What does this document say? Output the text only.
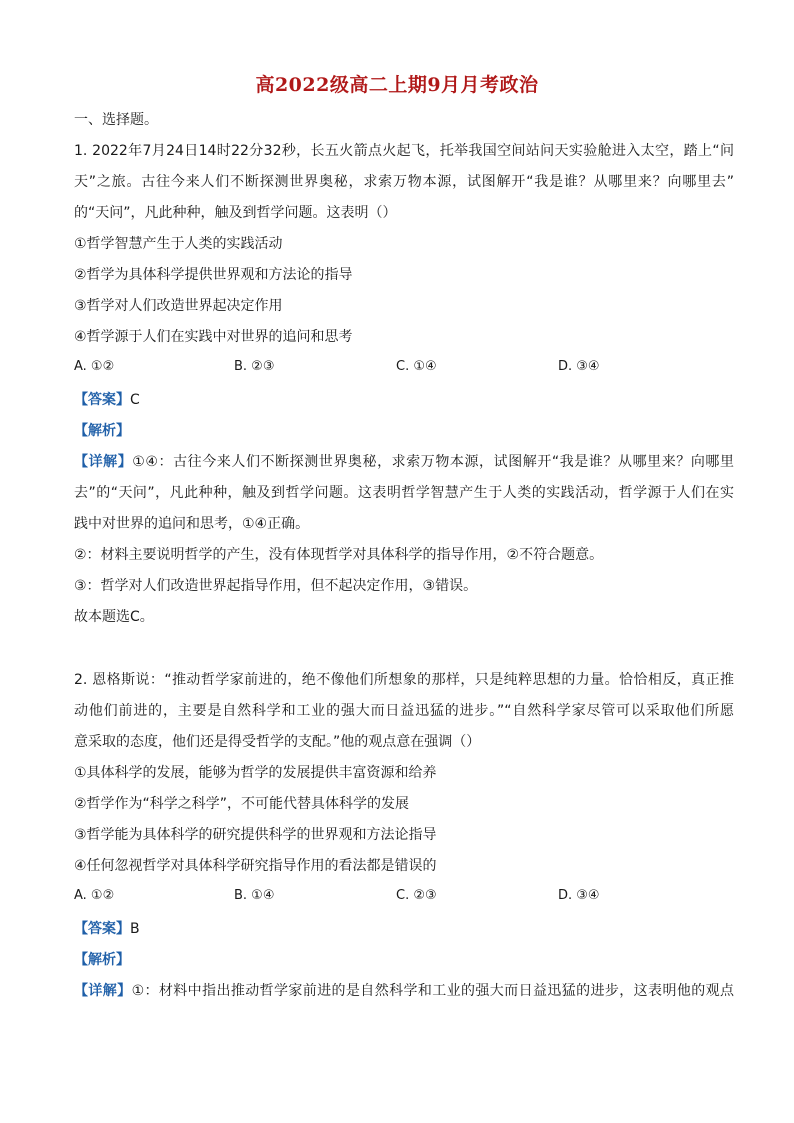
高2022级高二上期9月月考政治
一、选择题。
1. 2022年7月24日14时22分32秒，长五火箭点火起飞，托举我国空间站问天实验舱进入太空，踏上“问
天”之旅。古往今来人们不断探测世界奥秘，求索万物本源，试图解开“我是谁？从哪里来？向哪里去”
的“天问”，凡此种种，触及到哲学问题。这表明（）
①哲学智慧产生于人类的实践活动
②哲学为具体科学提供世界观和方法论的指导
③哲学对人们改造世界起决定作用
④哲学源于人们在实践中对世界的追问和思考
A. ①②	B. ②③	C. ①④	D. ③④
【答案】C
【解析】
【详解】①④：古往今来人们不断探测世界奥秘，求索万物本源，试图解开“我是谁？从哪里来？向哪里
去”的“天问”，凡此种种，触及到哲学问题。这表明哲学智慧产生于人类的实践活动，哲学源于人们在实
践中对世界的追问和思考，①④正确。
②：材料主要说明哲学的产生，没有体现哲学对具体科学的指导作用，②不符合题意。
③：哲学对人们改造世界起指导作用，但不起决定作用，③错误。
故本题选C。
2. 恩格斯说：“推动哲学家前进的，绝不像他们所想象的那样，只是纯粹思想的力量。恰恰相反，真正推
动他们前进的，主要是自然科学和工业的强大而日益迅猛的进步。”“自然科学家尽管可以采取他们所愿
意采取的态度，他们还是得受哲学的支配。”他的观点意在强调（）
①具体科学的发展，能够为哲学的发展提供丰富资源和给养
②哲学作为“科学之科学”，不可能代替具体科学的发展
③哲学能为具体科学的研究提供科学的世界观和方法论指导
④任何忽视哲学对具体科学研究指导作用的看法都是错误的
A. ①②	B. ①④	C. ②③	D. ③④
【答案】B
【解析】
【详解】①：材料中指出推动哲学家前进的是自然科学和工业的强大而日益迅猛的进步，这表明他的观点
